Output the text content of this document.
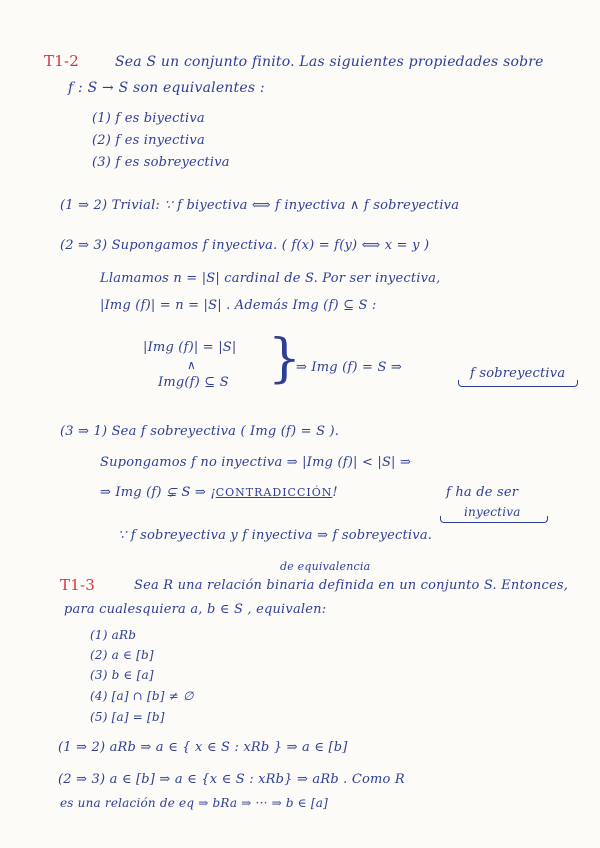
T1-2	Sea S un conjunto finito. Las siguientes propiedades sobre
f : S → S son equivalentes :
(1) f es biyectiva
(2) f es inyectiva
(3) f es sobreyectiva
(1 ⇒ 2) Trivial: ∵ f biyectiva ⟺ f inyectiva ∧ f sobreyectiva
(2 ⇒ 3) Supongamos f inyectiva. ( f(x) = f(y) ⟺ x = y )
Llamamos n = |S| cardinal de S. Por ser inyectiva,
|Img (f)| = n = |S| . Además Img (f) ⊆ S :
|Img (f)| = |S|
∧
Img(f) ⊆ S }
⇒ Img (f) = S ⇒	f sobreyectiva
(3 ⇒ 1) Sea f sobreyectiva ( Img (f) = S ).
Supongamos f no inyectiva ⇒ |Img (f)| < |S| ⇒
⇒ Img (f) ⊊ S ⇒ ¡CONTRADICCIÓN!	f ha de ser
inyectiva
∵ f sobreyectiva y f inyectiva ⇒ f sobreyectiva.
de equivalencia
T1-3	Sea R una relación binaria definida en un conjunto S. Entonces,
para cualesquiera a, b ∈ S , equivalen:
(1) aRb
(2) a ∈ [b]
(3) b ∈ [a]
(4) [a] ∩ [b] ≠ ∅
(5) [a] = [b]
(1 ⇒ 2) aRb ⇒ a ∈ { x ∈ S : xRb } ⇒ a ∈ [b]
(2 ⇒ 3) a ∈ [b] ⇒ a ∈ {x ∈ S : xRb} ⇒ aRb . Como R
es una relación de eq ⇒ bRa ⇒ ··· ⇒ b ∈ [a]
